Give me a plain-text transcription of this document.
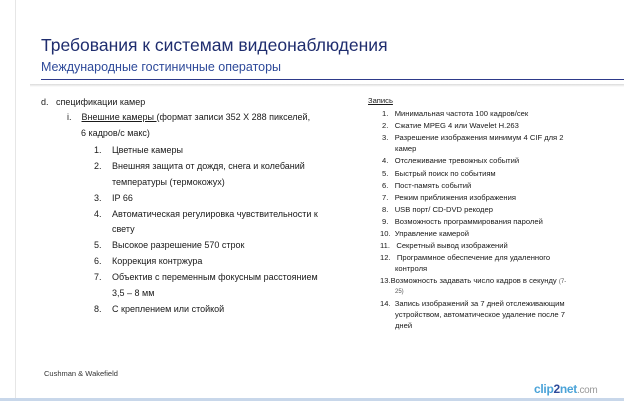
Требования к системам видеонаблюдения
Международные гостиничные операторы
d. спецификации камер
i. Внешние камеры (формат записи 352 X 288 пикселей,
6 кадров/с макс)
1. Цветные камеры
2. Внешняя защита от дождя, снега и колебаний
температуры (термокожух)
3. IP 66
4. Автоматическая регулировка чувствительности к
свету
5. Высокое разрешение 570 строк
6. Коррекция контржура
7. Объектив с переменным фокусным расстоянием
3,5 – 8 мм
8. С креплением или стойкой
Запись
1. Минимальная частота 100 кадров/сек
2. Сжатие MPEG 4 или Wavelet H.263
3. Разрешение изображения минимум 4 CIF для 2
камер
4. Отслеживание тревожных событий
5. Быстрый поиск по событиям
6. Пост-память событий
7. Режим приближения изображения
8. USB порт/ CD-DVD рекодер
9. Возможность программирования паролей
10. Управление камерой
11. Секретный вывод изображений
12. Программное обеспечение для удаленного
контроля
13.Возможность задавать число кадров в секунду (7-
25)
14. Запись изображений за 7 дней отслеживающим
устройством, автоматическое удаление после 7
дней
Cushman & Wakefield
clip2net.com
